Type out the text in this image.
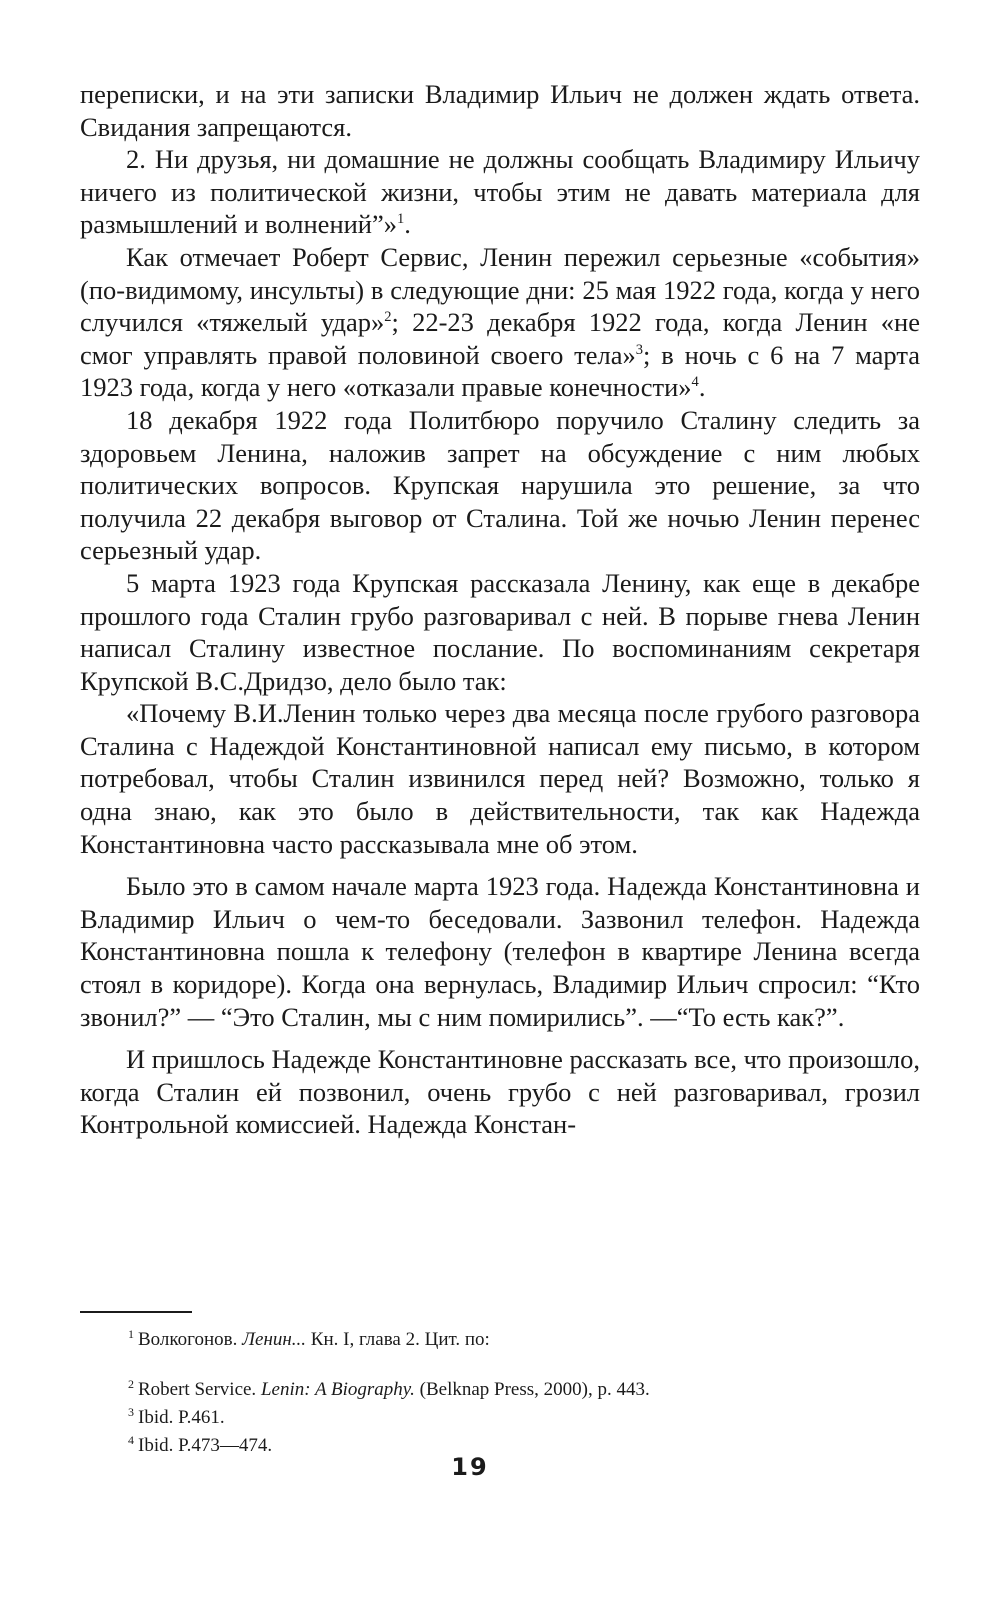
переписки, и на эти записки Владимир Ильич не должен ждать ответа. Свидания запрещаются.

2. Ни друзья, ни домашние не должны сообщать Владимиру Ильичу ничего из политической жизни, чтобы этим не давать материала для размышлений и волнений”»$^1$.

Как отмечает Роберт Сервис, Ленин пережил серьезные «события» (по-видимому, инсульты) в следующие дни: 25 мая 1922 года, когда у него случился «тяжелый удар»$^2$; 22-23 декабря 1922 года, когда Ленин «не смог управлять правой половиной своего тела»$^3$; в ночь с 6 на 7 марта 1923 года, когда у него «отказали правые конечности»$^4$.

18 декабря 1922 года Политбюро поручило Сталину следить за здоровьем Ленина, наложив запрет на обсуждение с ним любых политических вопросов. Крупская нарушила это решение, за что получила 22 декабря выговор от Сталина. Той же ночью Ленин перенес серьезный удар.

5 марта 1923 года Крупская рассказала Ленину, как еще в декабре прошлого года Сталин грубо разговаривал с ней. В порыве гнева Ленин написал Сталину известное послание. По воспоминаниям секретаря Крупской В.С.Дридзо, дело было так:

«Почему В.И.Ленин только через два месяца после грубого разговора Сталина с Надеждой Константиновной написал ему письмо, в котором потребовал, чтобы Сталин извинился перед ней? Возможно, только я одна знаю, как это было в действительности, так как Надежда Константиновна часто рассказывала мне об этом.

Было это в самом начале марта 1923 года. Надежда Константиновна и Владимир Ильич о чем-то беседовали. Зазвонил телефон. Надежда Константиновна пошла к телефону (телефон в квартире Ленина всегда стоял в коридоре). Когда она вернулась, Владимир Ильич спросил: “Кто звонил?” — “Это Сталин, мы с ним помирились”. —“То есть как?”.

И пришлось Надежде Константиновне рассказать все, что произошло, когда Сталин ей позвонил, очень грубо с ней разговаривал, грозил Контрольной комиссией. Надежда Констан-

$^1$ Волкогонов. Ленин... Кн. I, глава 2. Цит. по:
$^2$ Robert Service. Lenin: A Biography. (Belknap Press, 2000), p. 443.
$^3$ Ibid. P.461.
$^4$ Ibid. P.473—474.
19
